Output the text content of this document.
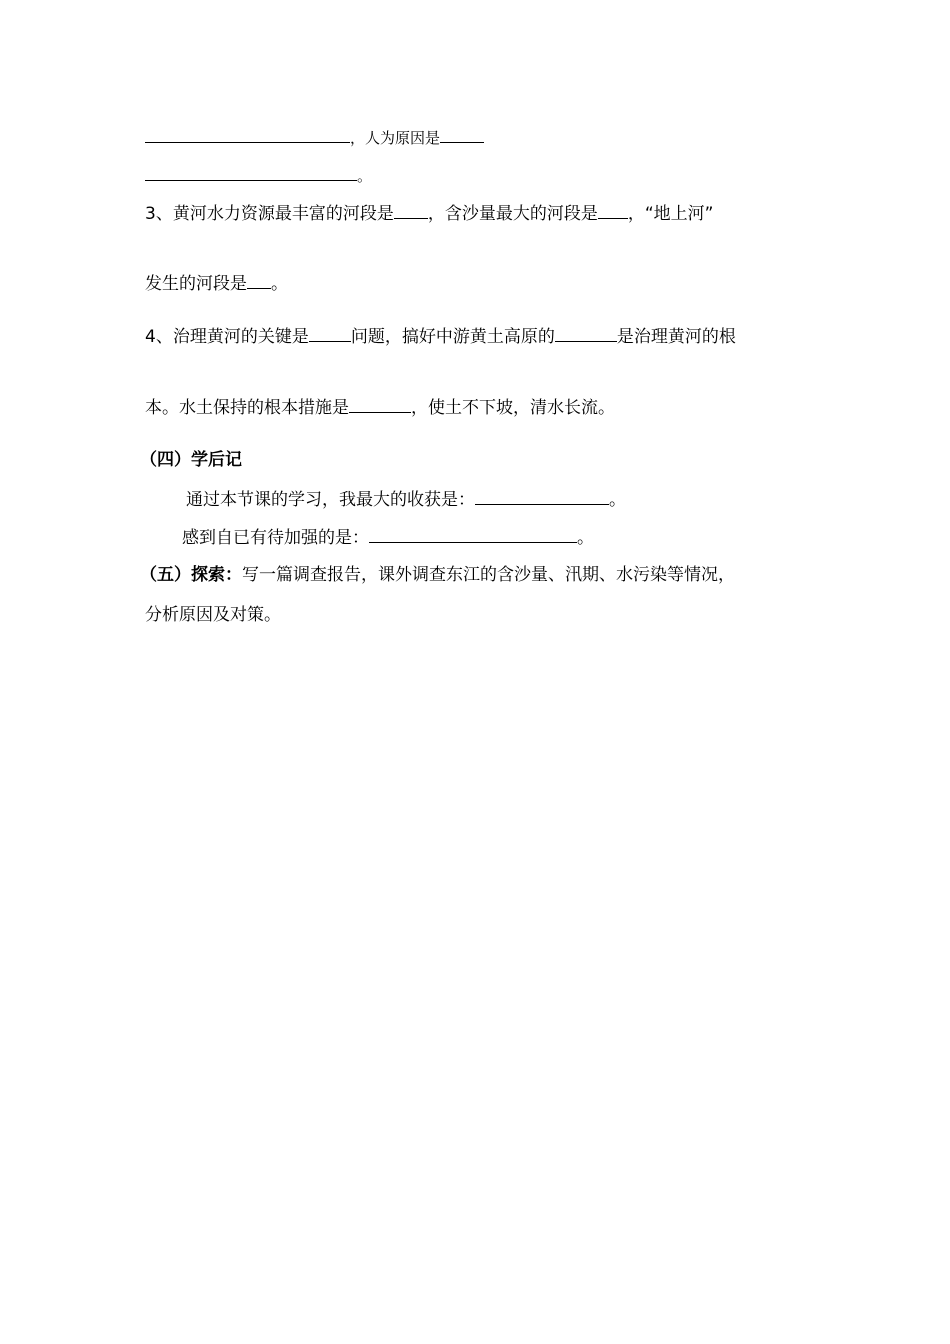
，人为原因是
。
3、黄河水力资源最丰富的河段是 ，含沙量最大的河段是 ，“地上河”
发生的河段是 。
4、治理黄河的关键是 问题，搞好中游黄土高原的	是治理黄河的根
本。水土保持的根本措施是	，使土不下坡，清水长流。
（四）学后记
通过本节课的学习，我最大的收获是：	。
感到自已有待加强的是：	。
（五）探索：写一篇调查报告，课外调查东江的含沙量、汛期、水污染等情况，
分析原因及对策。
